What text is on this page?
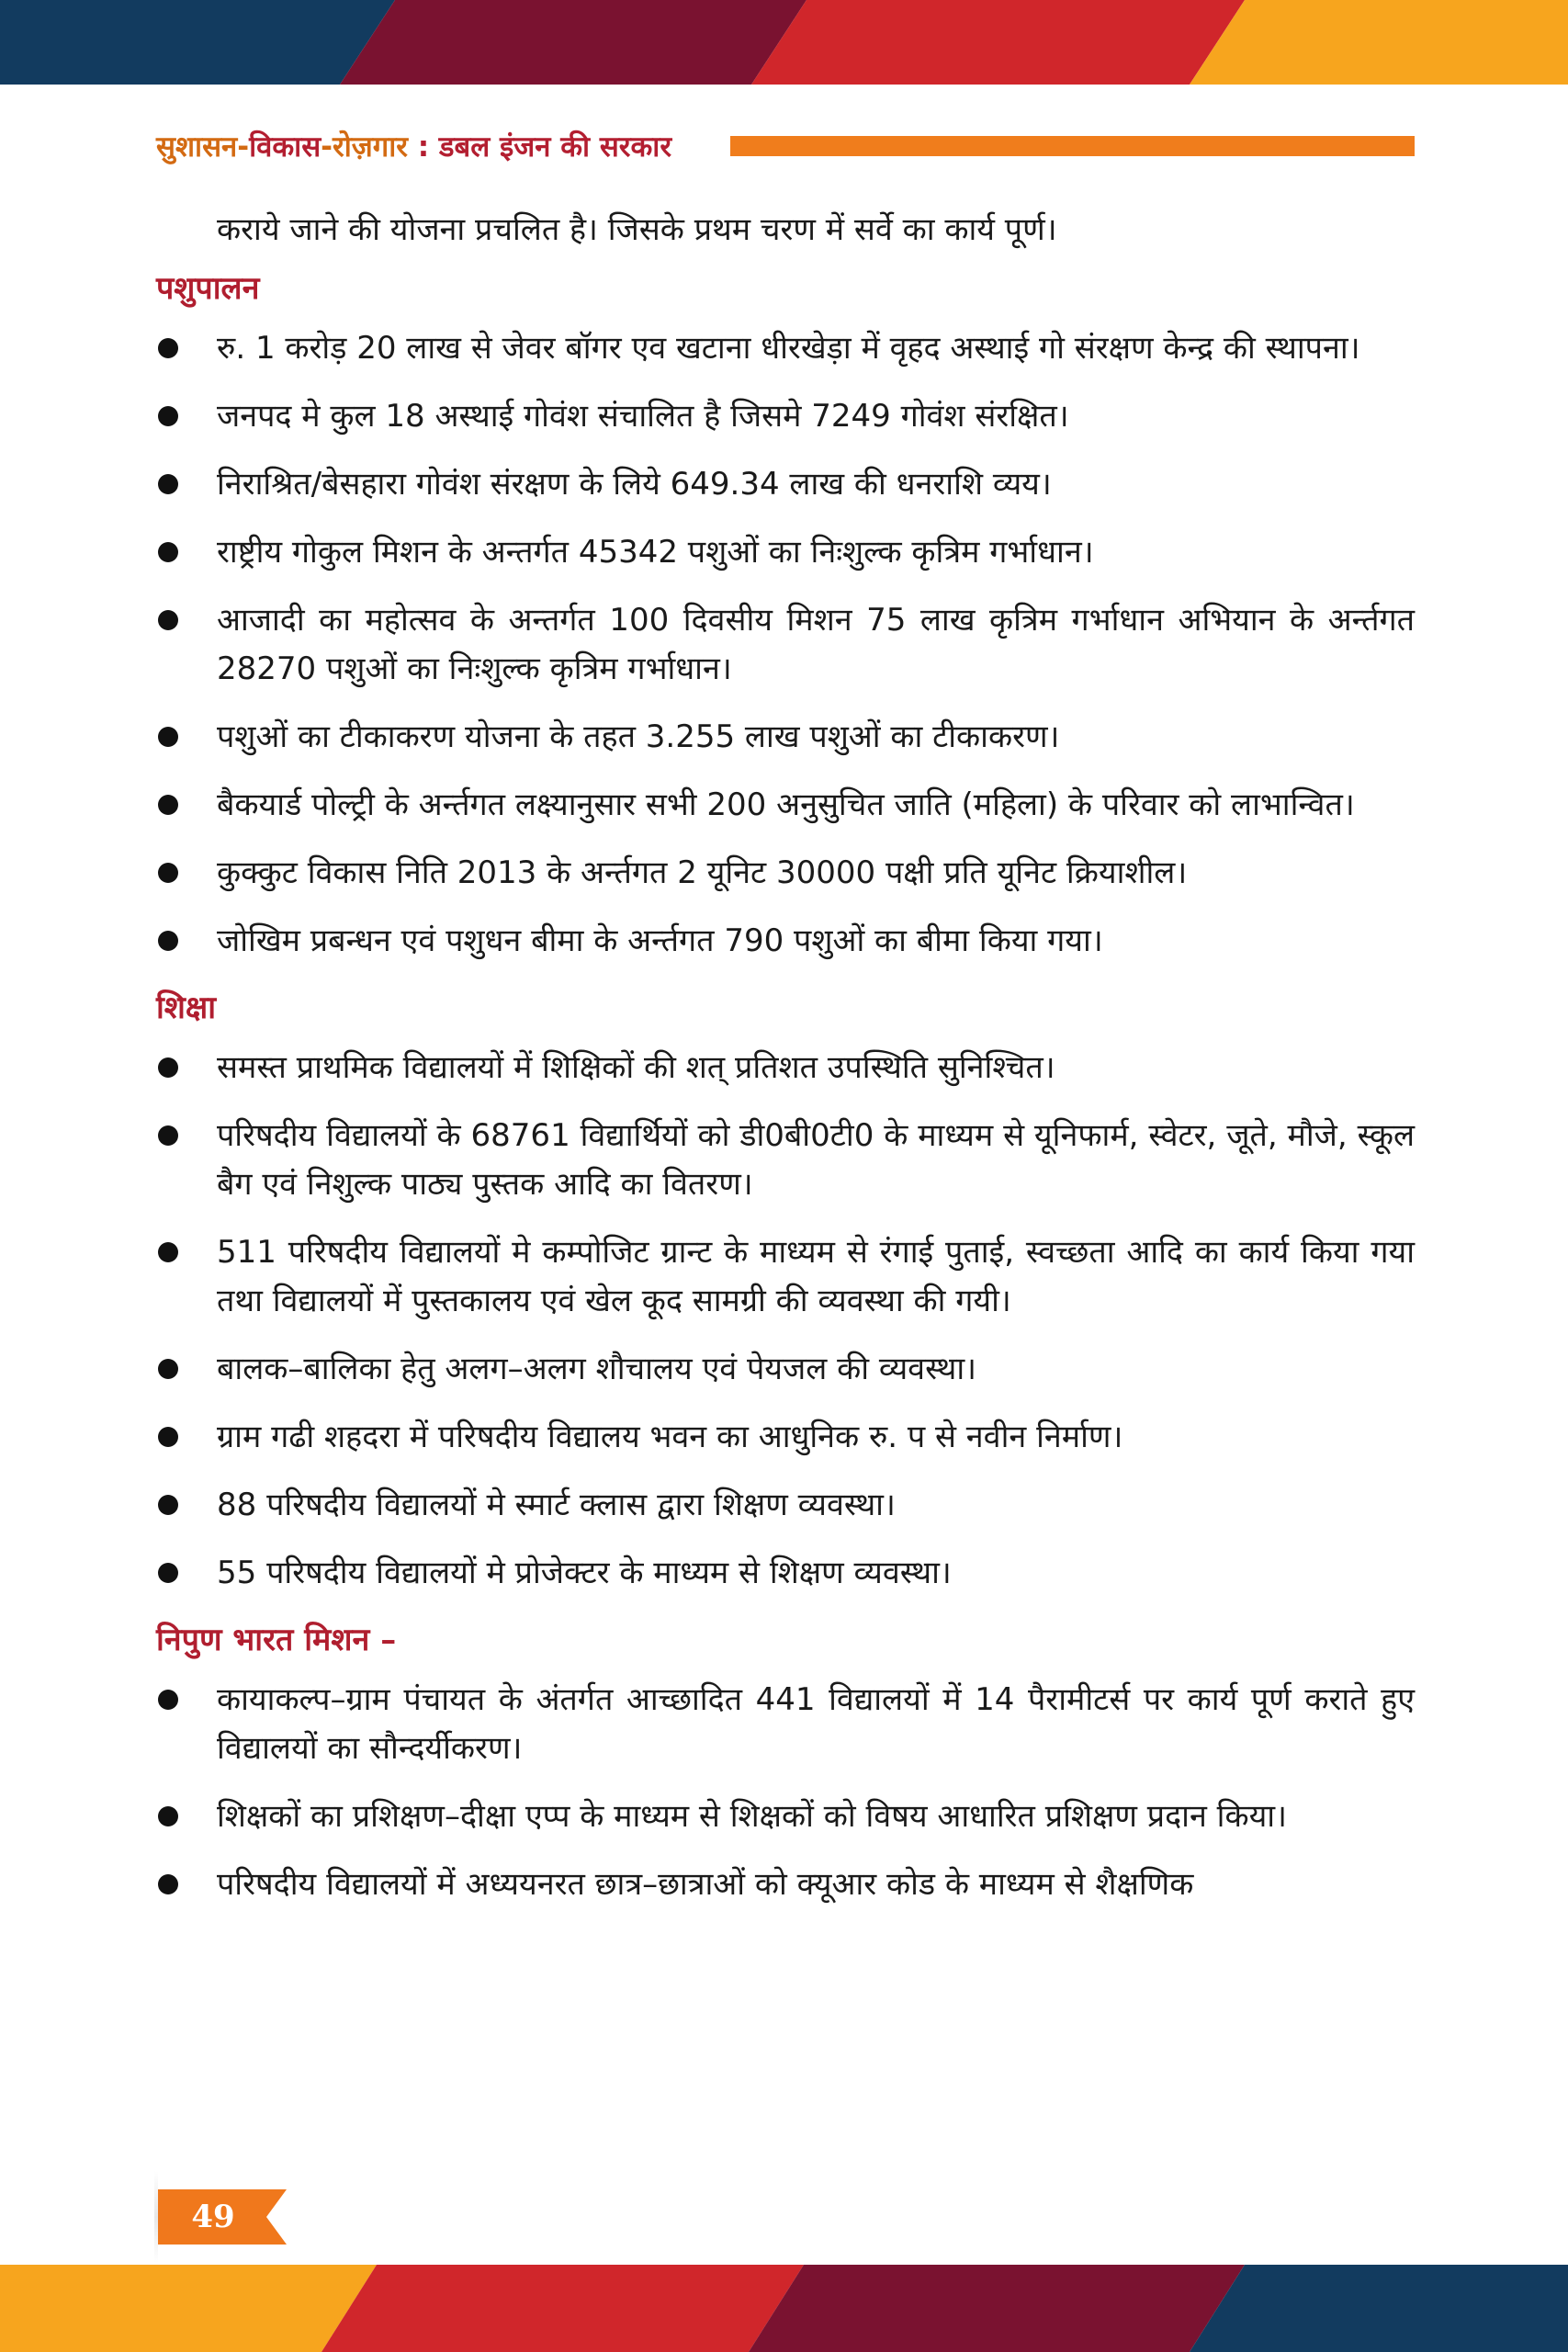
सुशासन-विकास-रोज़गार : डबल इंजन की सरकार

कराये जाने की योजना प्रचलित है। जिसके प्रथम चरण में सर्वे का कार्य पूर्ण।

पशुपालन
रु. 1 करोड़ 20 लाख से जेवर बॉगर एव खटाना धीरखेड़ा में वृहद अस्थाई गो संरक्षण केन्द्र की स्थापना।
जनपद मे कुल 18 अस्थाई गोवंश संचालित है जिसमे 7249 गोवंश संरक्षित।
निराश्रित/बेसहारा गोवंश संरक्षण के लिये 649.34 लाख की धनराशि व्यय।
राष्ट्रीय गोकुल मिशन के अन्तर्गत 45342 पशुओं का निःशुल्क कृत्रिम गर्भाधान।
आजादी का महोत्सव के अन्तर्गत 100 दिवसीय मिशन 75 लाख कृत्रिम गर्भाधान अभियान के अर्न्तगत 28270 पशुओं का निःशुल्क कृत्रिम गर्भाधान।
पशुओं का टीकाकरण योजना के तहत 3.255 लाख पशुओं का टीकाकरण।
बैकयार्ड पोल्ट्री के अर्न्तगत लक्ष्यानुसार सभी 200 अनुसुचित जाति (महिला) के परिवार को लाभान्वित।
कुक्कुट विकास निति 2013 के अर्न्तगत 2 यूनिट 30000 पक्षी प्रति यूनिट क्रियाशील।
जोखिम प्रबन्धन एवं पशुधन बीमा के अर्न्तगत 790 पशुओं का बीमा किया गया।
शिक्षा
समस्त प्राथमिक विद्यालयों में शिक्षिकों की शत् प्रतिशत उपस्थिति सुनिश्चित।
परिषदीय विद्यालयों के 68761 विद्यार्थियों को डी0बी0टी0 के माध्यम से यूनिफार्म, स्वेटर, जूते, मौजे, स्कूल बैग एवं निशुल्क पाठ्य पुस्तक आदि का वितरण।
511 परिषदीय विद्यालयों मे कम्पोजिट ग्रान्ट के माध्यम से रंगाई पुताई, स्वच्छता आदि का कार्य किया गया तथा विद्यालयों में पुस्तकालय एवं खेल कूद सामग्री की व्यवस्था की गयी।
बालक–बालिका हेतु अलग–अलग शौचालय एवं पेयजल की व्यवस्था।
ग्राम गढी शहदरा में परिषदीय विद्यालय भवन का आधुनिक रु. प से नवीन निर्माण।
88 परिषदीय विद्यालयों मे स्मार्ट क्लास द्वारा शिक्षण व्यवस्था।
55 परिषदीय विद्यालयों मे प्रोजेक्टर के माध्यम से शिक्षण व्यवस्था।
निपुण भारत मिशन –
कायाकल्प–ग्राम पंचायत के अंतर्गत आच्छादित 441 विद्यालयों में 14 पैरामीटर्स पर कार्य पूर्ण कराते हुए विद्यालयों का सौन्दर्यीकरण।
शिक्षकों का प्रशिक्षण–दीक्षा एप्प के माध्यम से शिक्षकों को विषय आधारित प्रशिक्षण प्रदान किया।
परिषदीय विद्यालयों में अध्ययनरत छात्र–छात्राओं को क्यूआर कोड के माध्यम से शैक्षणिक
49
